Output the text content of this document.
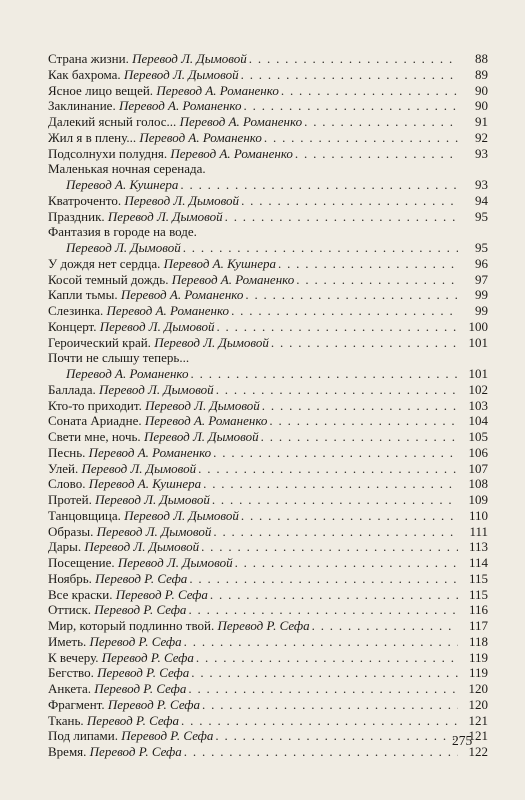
Страна жизни. Перевод Л. Дымовой . . .	88
Как бахрома. Перевод Л. Дымовой . . .	89
Ясное лицо вещей. Перевод А. Романенко . . .	90
Заклинание. Перевод А. Романенко . . .	90
Далекий ясный голос... Перевод А. Романенко . . .	91
Жил я в плену... Перевод А. Романенко . . .	92
Подсолнухи полудня. Перевод А. Романенко . . .	93
Маленькая ночная серенада.
Перевод А. Кушнера . . .	93
Кватроченто. Перевод Л. Дымовой . . .	94
Праздник. Перевод Л. Дымовой . . .	95
Фантазия в городе на воде.
Перевод Л. Дымовой . . .	95
У дождя нет сердца. Перевод А. Кушнера . . .	96
Косой темный дождь. Перевод А. Романенко . . .	97
Капли тьмы. Перевод А. Романенко . . .	99
Слезинка. Перевод А. Романенко . . .	99
Концерт. Перевод Л. Дымовой . . .	100
Героический край. Перевод Л. Дымовой . . .	101
Почти не слышу теперь...
Перевод А. Романенко . . .	101
Баллада. Перевод Л. Дымовой . . .	102
Кто-то приходит. Перевод Л. Дымовой . . .	103
Соната Ариадне. Перевод А. Романенко . . .	104
Свети мне, ночь. Перевод Л. Дымовой . . .	105
Песнь. Перевод А. Романенко . . .	106
Улей. Перевод Л. Дымовой . . .	107
Слово. Перевод А. Кушнера . . .	108
Протей. Перевод Л. Дымовой . . .	109
Танцовщица. Перевод Л. Дымовой . . .	110
Образы. Перевод Л. Дымовой . . .	111
Дары. Перевод Л. Дымовой . . .	113
Посещение. Перевод Л. Дымовой . . .	114
Ноябрь. Перевод Р. Сефа . . .	115
Все краски. Перевод Р. Сефа . . .	115
Оттиск. Перевод Р. Сефа . . .	116
Мир, который подлинно твой. Перевод Р. Сефа . . .	117
Иметь. Перевод Р. Сефа . . .	118
К вечеру. Перевод Р. Сефа . . .	119
Бегство. Перевод Р. Сефа . . .	119
Анкета. Перевод Р. Сефа . . .	120
Фрагмент. Перевод Р. Сефа . . .	120
Ткань. Перевод Р. Сефа . . .	121
Под липами. Перевод Р. Сефа . . .	121
Время. Перевод Р. Сефа . . .	122
275
